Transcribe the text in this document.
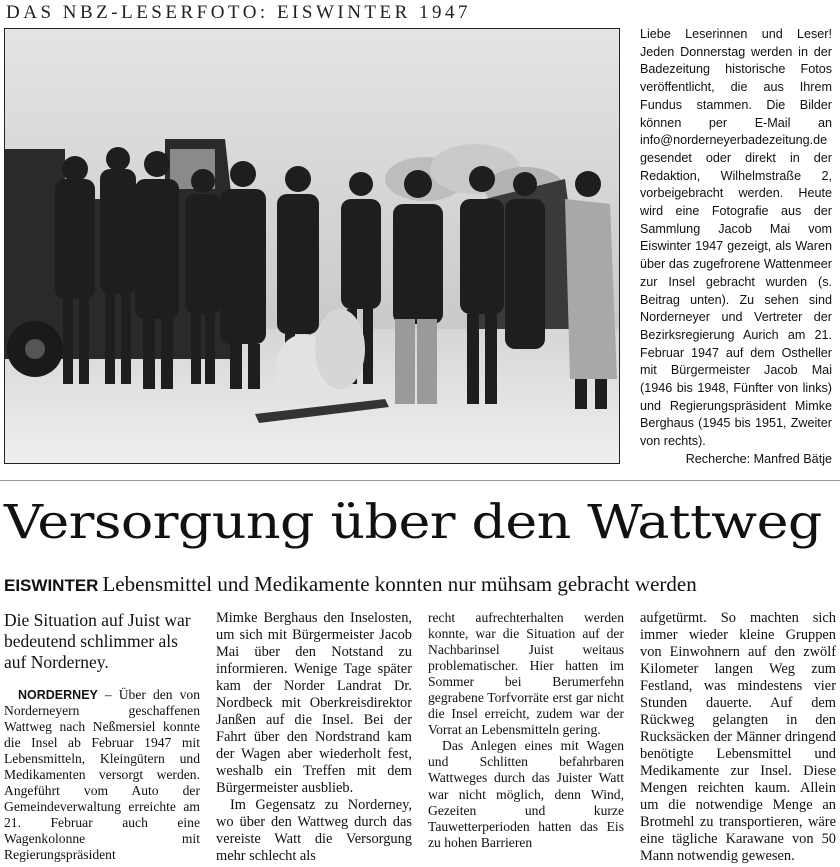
DAS NBZ-LESERFOTO: EISWINTER 1947

Liebe Leserinnen und Leser! Jeden Donnerstag werden in der Badezeitung historische Fotos veröffentlicht, die aus Ihrem Fundus stammen. Die Bilder können per E-Mail an info@norderneyerbadezeitung.de gesendet oder direkt in der Redaktion, Wilhelmstraße 2, vorbeigebracht werden. Heute wird eine Fotografie aus der Sammlung Jacob Mai vom Eiswinter 1947 gezeigt, als Waren über das zugefrorene Wattenmeer zur Insel gebracht wurden (s. Beitrag unten). Zu sehen sind Norderneyer und Vertreter der Bezirksregierung Aurich am 21. Februar 1947 auf dem Ostheller mit Bürgermeister Jacob Mai (1946 bis 1948, Fünfter von links) und Regierungspräsident Mimke Berghaus (1945 bis 1951, Zweiter von rechts).

Recherche: Manfred Bätje
Versorgung über den Wattweg
EISWINTER Lebensmittel und Medikamente konnten nur mühsam gebracht werden

Die Situation auf Juist war bedeutend schlimmer als auf Norderney.

NORDERNEY – Über den von Norderneyern geschaffenen Wattweg nach Neßmersiel konnte die Insel ab Februar 1947 mit Lebensmitteln, Kleingütern und Medikamenten versorgt werden. Angeführt vom Auto der Gemeindeverwaltung erreichte am 21. Februar auch eine Wagenkolonne mit Regierungspräsident

Mimke Berghaus den Inselosten, um sich mit Bürgermeister Jacob Mai über den Notstand zu informieren. Wenige Tage später kam der Norder Landrat Dr. Nordbeck mit Oberkreisdirektor Janßen auf die Insel. Bei der Fahrt über den Nordstrand kam der Wagen aber wiederholt fest, weshalb ein Treffen mit dem Bürgermeister ausblieb.

Im Gegensatz zu Norderney, wo über den Wattweg durch das vereiste Watt die Versorgung mehr schlecht als

recht aufrechterhalten werden konnte, war die Situation auf der Nachbarinsel Juist weitaus problematischer. Hier hatten im Sommer bei Berumerfehn gegrabene Torfvorräte erst gar nicht die Insel erreicht, zudem war der Vorrat an Lebensmitteln gering.

Das Anlegen eines mit Wagen und Schlitten befahrbaren Wattweges durch das Juister Watt war nicht möglich, denn Wind, Gezeiten und kurze Tauwetterperioden hatten das Eis zu hohen Barrieren

aufgetürmt. So machten sich immer wieder kleine Gruppen von Einwohnern auf den zwölf Kilometer langen Weg zum Festland, was mindestens vier Stunden dauerte. Auf dem Rückweg gelangten in den Rucksäcken der Männer dringend benötigte Lebensmittel und Medikamente zur Insel. Diese Mengen reichten kaum. Allein um die notwendige Menge an Brotmehl zu transportieren, wäre eine tägliche Karawane von 50 Mann notwendig gewesen.
